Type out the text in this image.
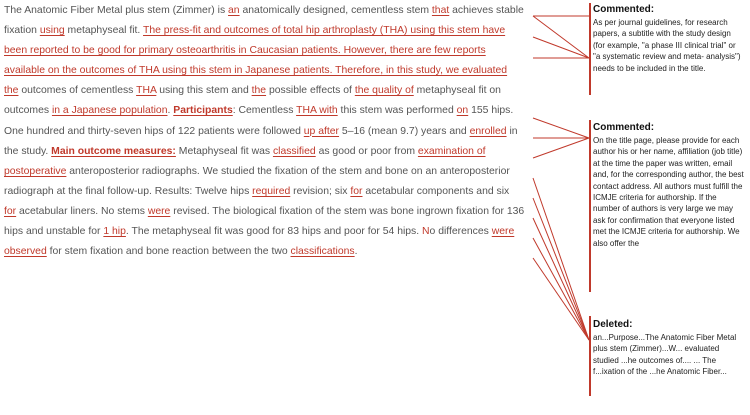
The Anatomic Fiber Metal plus stem (Zimmer) is an anatomically designed, cementless stem that achieves stable
fixation using metaphyseal fit. The press-fit and outcomes of total hip arthroplasty (THA) using this stem have
been reported to be good for primary osteoarthritis in Caucasian patients. However, there are few reports
available on the outcomes of THA using this stem in Japanese patients. Therefore, in this study, we evaluated
the outcomes of cementless THA using this stem and the possible effects of the quality of metaphyseal fit on
outcomes in a Japanese population. Participants: Cementless THA with this stem was performed on 155 hips.
One hundred and thirty-seven hips of 122 patients were followed up after 5–16 (mean 9.7) years and enrolled in
the study. Main outcome measures: Metaphyseal fit was classified as good or poor from examination of
postoperative anteroposterior radiographs. We studied the fixation of the stem and bone on an anteroposterior
radiograph at the final follow-up. Results: Twelve hips required revision; six for acetabular components and six
for acetabular liners. No stems were revised. The biological fixation of the stem was bone ingrown fixation for 136
hips and unstable for 1 hip. The metaphyseal fit was good for 83 hips and poor for 54 hips. No differences were
observed for stem fixation and bone reaction between the two classifications.
Commented:
As per journal guidelines, for research papers, a subtitle with the study design (for example, "a phase III clinical trial" or "a systematic review and meta- analysis") needs to be included in the title.
Commented:
On the title page, please provide for each author his or her name, affiliation (job title) at the time the paper was written, email and, for the corresponding author, the best contact address. All authors must fulfill the ICMJE criteria for authorship. If the number of authors is very large we may ask for confirmation that everyone listed met the ICMJE criteria for authorship. We also offer the
Deleted:
an...Purpose...The Anatomic Fiber Metal plus stem (Zimmer)...W... evaluated studied ...he outcomes of.... ... The f...ixation of the ...he Anatomic Fiber...
